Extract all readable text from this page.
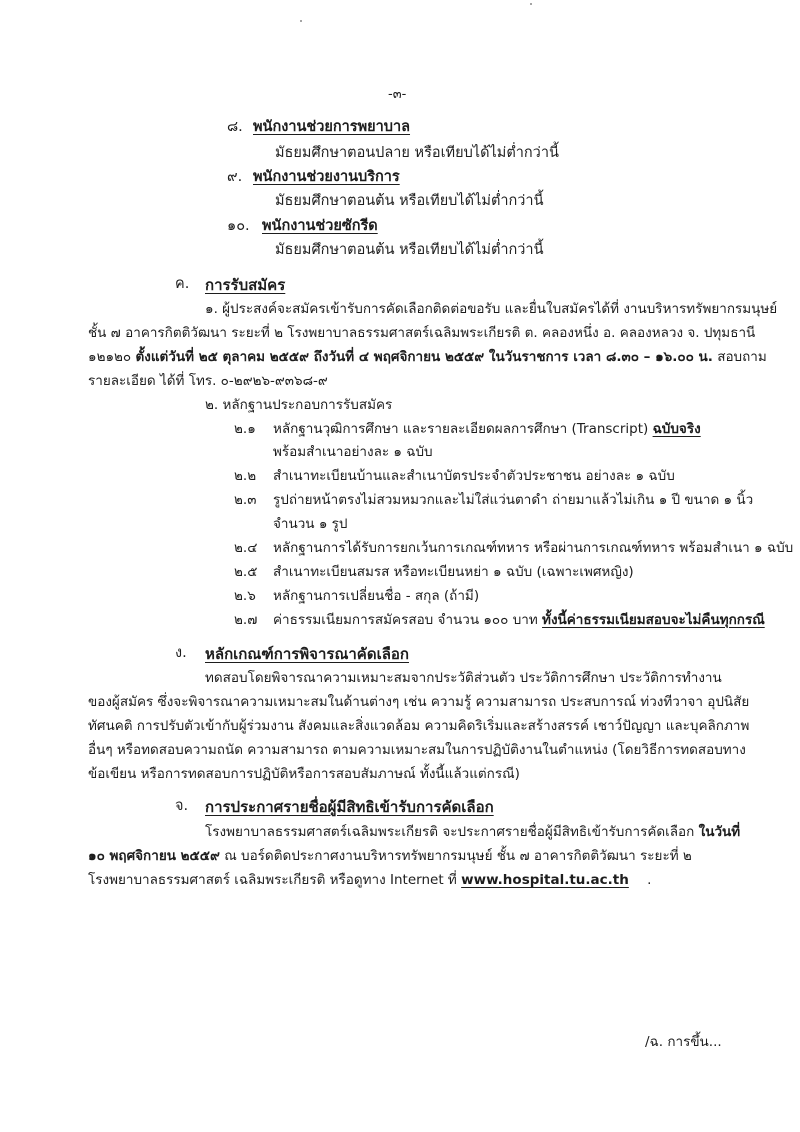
-๓-
๘. พนักงานช่วยการพยาบาล
มัธยมศึกษาตอนปลาย หรือเทียบได้ไม่ต่ำกว่านี้
๙. พนักงานช่วยงานบริการ
มัธยมศึกษาตอนต้น หรือเทียบได้ไม่ต่ำกว่านี้
๑๐. พนักงานช่วยซักรีด
มัธยมศึกษาตอนต้น หรือเทียบได้ไม่ต่ำกว่านี้
ค. การรับสมัคร
๑. ผู้ประสงค์จะสมัครเข้ารับการคัดเลือกติดต่อขอรับ และยื่นใบสมัครได้ที่ งานบริหารทรัพยากรมนุษย์
ชั้น ๗ อาคารกิตติวัฒนา ระยะที่ ๒ โรงพยาบาลธรรมศาสตร์เฉลิมพระเกียรติ ต. คลองหนึ่ง อ. คลองหลวง จ. ปทุมธานี
๑๒๑๒๐ ตั้งแต่วันที่ ๒๕ ตุลาคม ๒๕๕๙ ถึงวันที่ ๔ พฤศจิกายน ๒๕๕๙ ในวันราชการ เวลา ๘.๓๐ – ๑๖.๐๐ น. สอบถาม
รายละเอียด ได้ที่ โทร. ๐-๒๙๒๖-๙๓๖๘-๙
๒. หลักฐานประกอบการรับสมัคร
๒.๑ หลักฐานวุฒิการศึกษา และรายละเอียดผลการศึกษา (Transcript) ฉบับจริง
พร้อมสำเนาอย่างละ ๑ ฉบับ
๒.๒ สำเนาทะเบียนบ้านและสำเนาบัตรประจำตัวประชาชน อย่างละ ๑ ฉบับ
๒.๓ รูปถ่ายหน้าตรงไม่สวมหมวกและไม่ใส่แว่นตาดำ ถ่ายมาแล้วไม่เกิน ๑ ปี ขนาด ๑ นิ้ว
จำนวน ๑ รูป
๒.๔ หลักฐานการได้รับการยกเว้นการเกณฑ์ทหาร หรือผ่านการเกณฑ์ทหาร พร้อมสำเนา ๑ ฉบับ
๒.๕ สำเนาทะเบียนสมรส หรือทะเบียนหย่า ๑ ฉบับ (เฉพาะเพศหญิง)
๒.๖ หลักฐานการเปลี่ยนชื่อ - สกุล (ถ้ามี)
๒.๗ ค่าธรรมเนียมการสมัครสอบ จำนวน ๑๐๐ บาท ทั้งนี้ค่าธรรมเนียมสอบจะไม่คืนทุกกรณี
ง. หลักเกณฑ์การพิจารณาคัดเลือก
ทดสอบโดยพิจารณาความเหมาะสมจากประวัติส่วนตัว ประวัติการศึกษา ประวัติการทำงาน
ของผู้สมัคร ซึ่งจะพิจารณาความเหมาะสมในด้านต่างๆ เช่น ความรู้ ความสามารถ ประสบการณ์ ท่วงทีวาจา อุปนิสัย
ทัศนคติ การปรับตัวเข้ากับผู้ร่วมงาน สังคมและสิ่งแวดล้อม ความคิดริเริ่มและสร้างสรรค์ เชาว์ปัญญา และบุคลิกภาพ
อื่นๆ หรือทดสอบความถนัด ความสามารถ ตามความเหมาะสมในการปฏิบัติงานในตำแหน่ง (โดยวิธีการทดสอบทาง
ข้อเขียน หรือการทดสอบการปฏิบัติหรือการสอบสัมภาษณ์ ทั้งนี้แล้วแต่กรณี)
จ. การประกาศรายชื่อผู้มีสิทธิเข้ารับการคัดเลือก
โรงพยาบาลธรรมศาสตร์เฉลิมพระเกียรติ จะประกาศรายชื่อผู้มีสิทธิเข้ารับการคัดเลือก ในวันที่
๑๐ พฤศจิกายน ๒๕๕๙ ณ บอร์ดติดประกาศงานบริหารทรัพยากรมนุษย์ ชั้น ๗ อาคารกิตติวัฒนา ระยะที่ ๒
โรงพยาบาลธรรมศาสตร์ เฉลิมพระเกียรติ หรือดูทาง Internet ที่ www.hospital.tu.ac.th .
/ฉ. การขึ้น...
